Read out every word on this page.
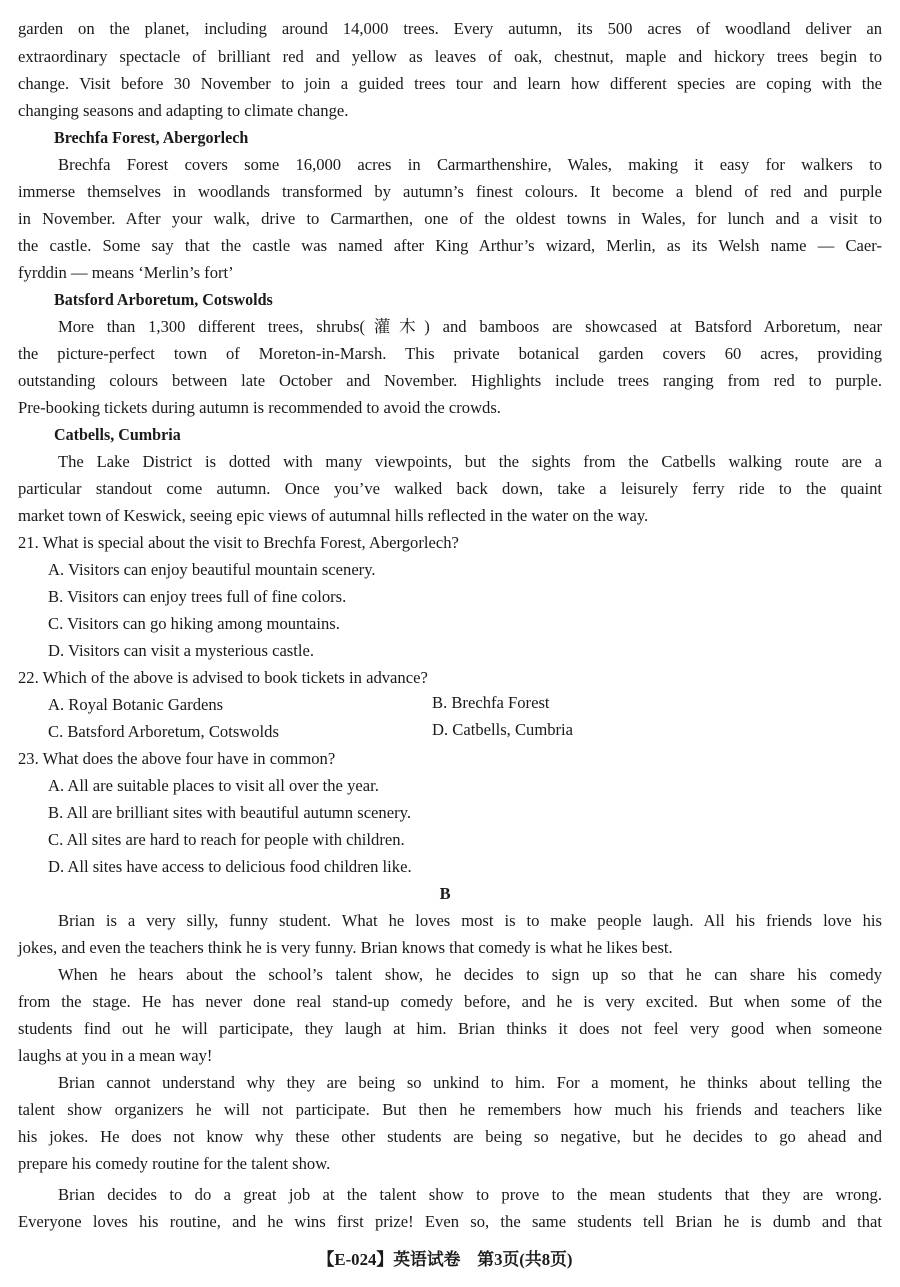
garden on the planet, including around 14,000 trees. Every autumn, its 500 acres of woodland deliver an
extraordinary spectacle of brilliant red and yellow as leaves of oak, chestnut, maple and hickory trees begin to
change. Visit before 30 November to join a guided trees tour and learn how different species are coping with the
changing seasons and adapting to climate change.
Brechfa Forest, Abergorlech
Brechfa Forest covers some 16,000 acres in Carmarthenshire, Wales, making it easy for walkers to
immerse themselves in woodlands transformed by autumn’s finest colours. It become a blend of red and purple
in November. After your walk, drive to Carmarthen, one of the oldest towns in Wales, for lunch and a visit to
the castle. Some say that the castle was named after King Arthur’s wizard, Merlin, as its Welsh name — Caer-
fyrddin — means ‘Merlin’s fort’
Batsford Arboretum, Cotswolds
More than 1,300 different trees, shrubs(灌木) and bamboos are showcased at Batsford Arboretum, near
the picture-perfect town of Moreton-in-Marsh. This private botanical garden covers 60 acres, providing
outstanding colours between late October and November. Highlights include trees ranging from red to purple.
Pre-booking tickets during autumn is recommended to avoid the crowds.
Catbells, Cumbria
The Lake District is dotted with many viewpoints, but the sights from the Catbells walking route are a
particular standout come autumn. Once you’ve walked back down, take a leisurely ferry ride to the quaint
market town of Keswick, seeing epic views of autumnal hills reflected in the water on the way.
21. What is special about the visit to Brechfa Forest, Abergorlech?
A. Visitors can enjoy beautiful mountain scenery.
B. Visitors can enjoy trees full of fine colors.
C. Visitors can go hiking among mountains.
D. Visitors can visit a mysterious castle.
22. Which of the above is advised to book tickets in advance?
A. Royal Botanic Gardens	B. Brechfa Forest
C. Batsford Arboretum, Cotswolds	D. Catbells, Cumbria
23. What does the above four have in common?
A. All are suitable places to visit all over the year.
B. All are brilliant sites with beautiful autumn scenery.
C. All sites are hard to reach for people with children.
D. All sites have access to delicious food children like.
B
Brian is a very silly, funny student. What he loves most is to make people laugh. All his friends love his
jokes, and even the teachers think he is very funny. Brian knows that comedy is what he likes best.
When he hears about the school’s talent show, he decides to sign up so that he can share his comedy
from the stage. He has never done real stand-up comedy before, and he is very excited. But when some of the
students find out he will participate, they laugh at him. Brian thinks it does not feel very good when someone
laughs at you in a mean way!
Brian cannot understand why they are being so unkind to him. For a moment, he thinks about telling the
talent show organizers he will not participate. But then he remembers how much his friends and teachers like
his jokes. He does not know why these other students are being so negative, but he decides to go ahead and
prepare his comedy routine for the talent show.
Brian decides to do a great job at the talent show to prove to the mean students that they are wrong.
Everyone loves his routine, and he wins first prize! Even so, the same students tell Brian he is dumb and that
【E-024】英语试卷　第3页(共8页)
